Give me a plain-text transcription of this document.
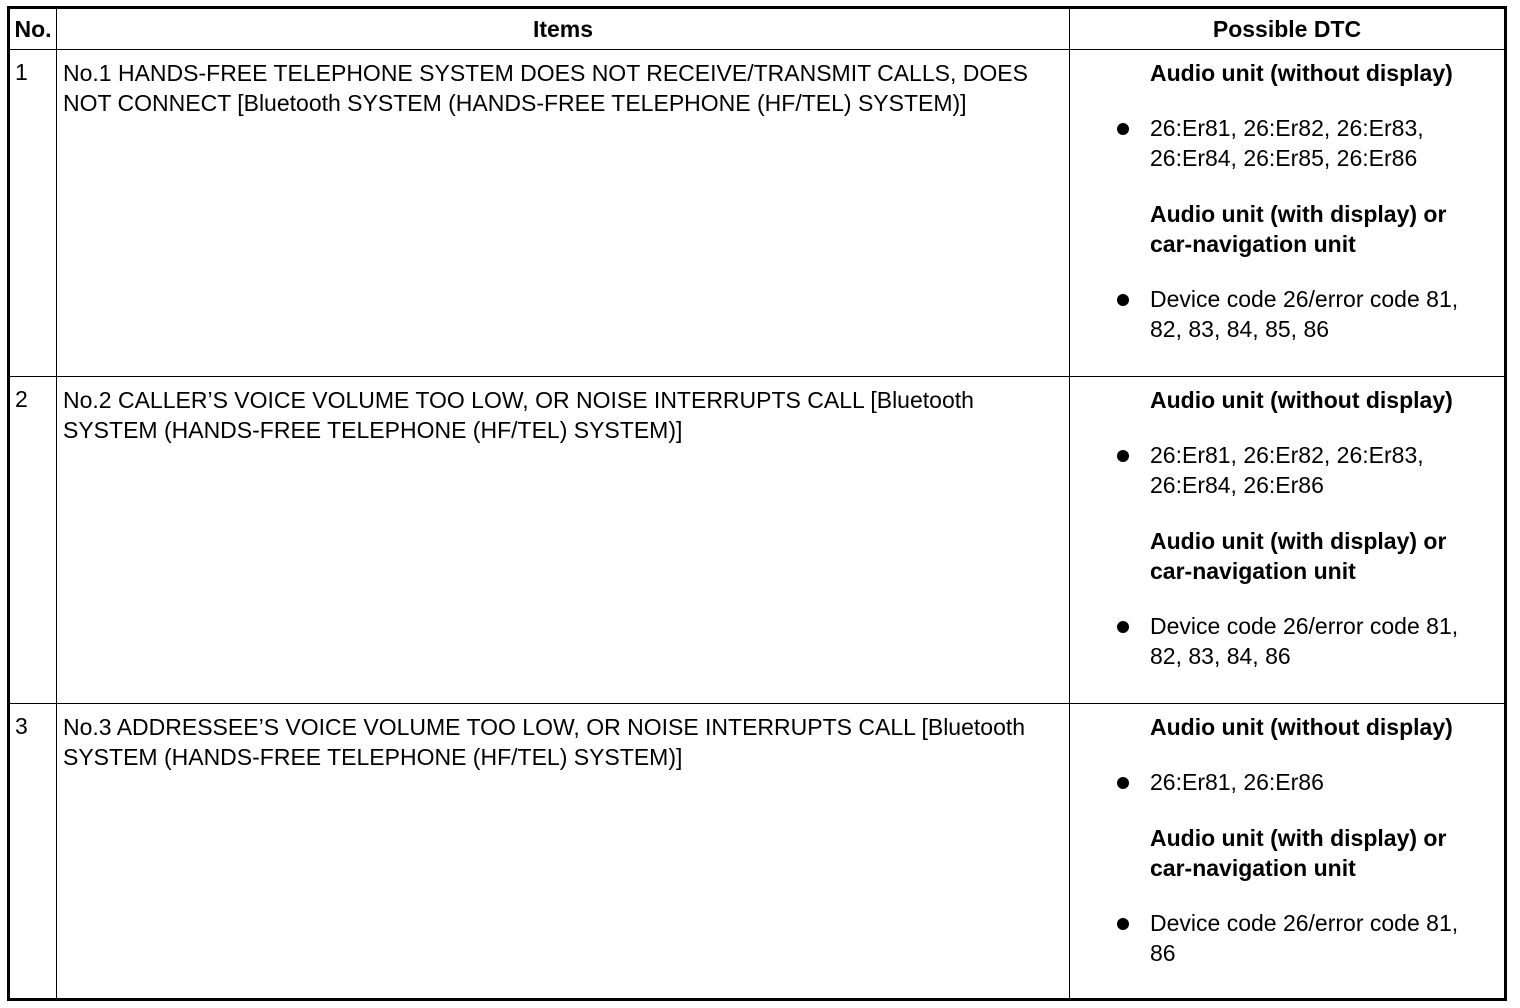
No.	Items	Possible DTC
1	No.1 HANDS-FREE TELEPHONE SYSTEM DOES NOT RECEIVE/TRANSMIT CALLS, DOES NOT CONNECT [Bluetooth SYSTEM (HANDS-FREE TELEPHONE (HF/TEL) SYSTEM)]	Audio unit (without display)
26:Er81, 26:Er82, 26:Er83, 26:Er84, 26:Er85, 26:Er86
Audio unit (with display) or car-navigation unit
Device code 26/error code 81, 82, 83, 84, 85, 86

2	No.2 CALLER’S VOICE VOLUME TOO LOW, OR NOISE INTERRUPTS CALL [Bluetooth SYSTEM (HANDS-FREE TELEPHONE (HF/TEL) SYSTEM)]	Audio unit (without display)
26:Er81, 26:Er82, 26:Er83, 26:Er84, 26:Er86
Audio unit (with display) or car-navigation unit
Device code 26/error code 81, 82, 83, 84, 86

3	No.3 ADDRESSEE’S VOICE VOLUME TOO LOW, OR NOISE INTERRUPTS CALL [Bluetooth SYSTEM (HANDS-FREE TELEPHONE (HF/TEL) SYSTEM)]	Audio unit (without display)
26:Er81, 26:Er86
Audio unit (with display) or car-navigation unit
Device code 26/error code 81, 86
